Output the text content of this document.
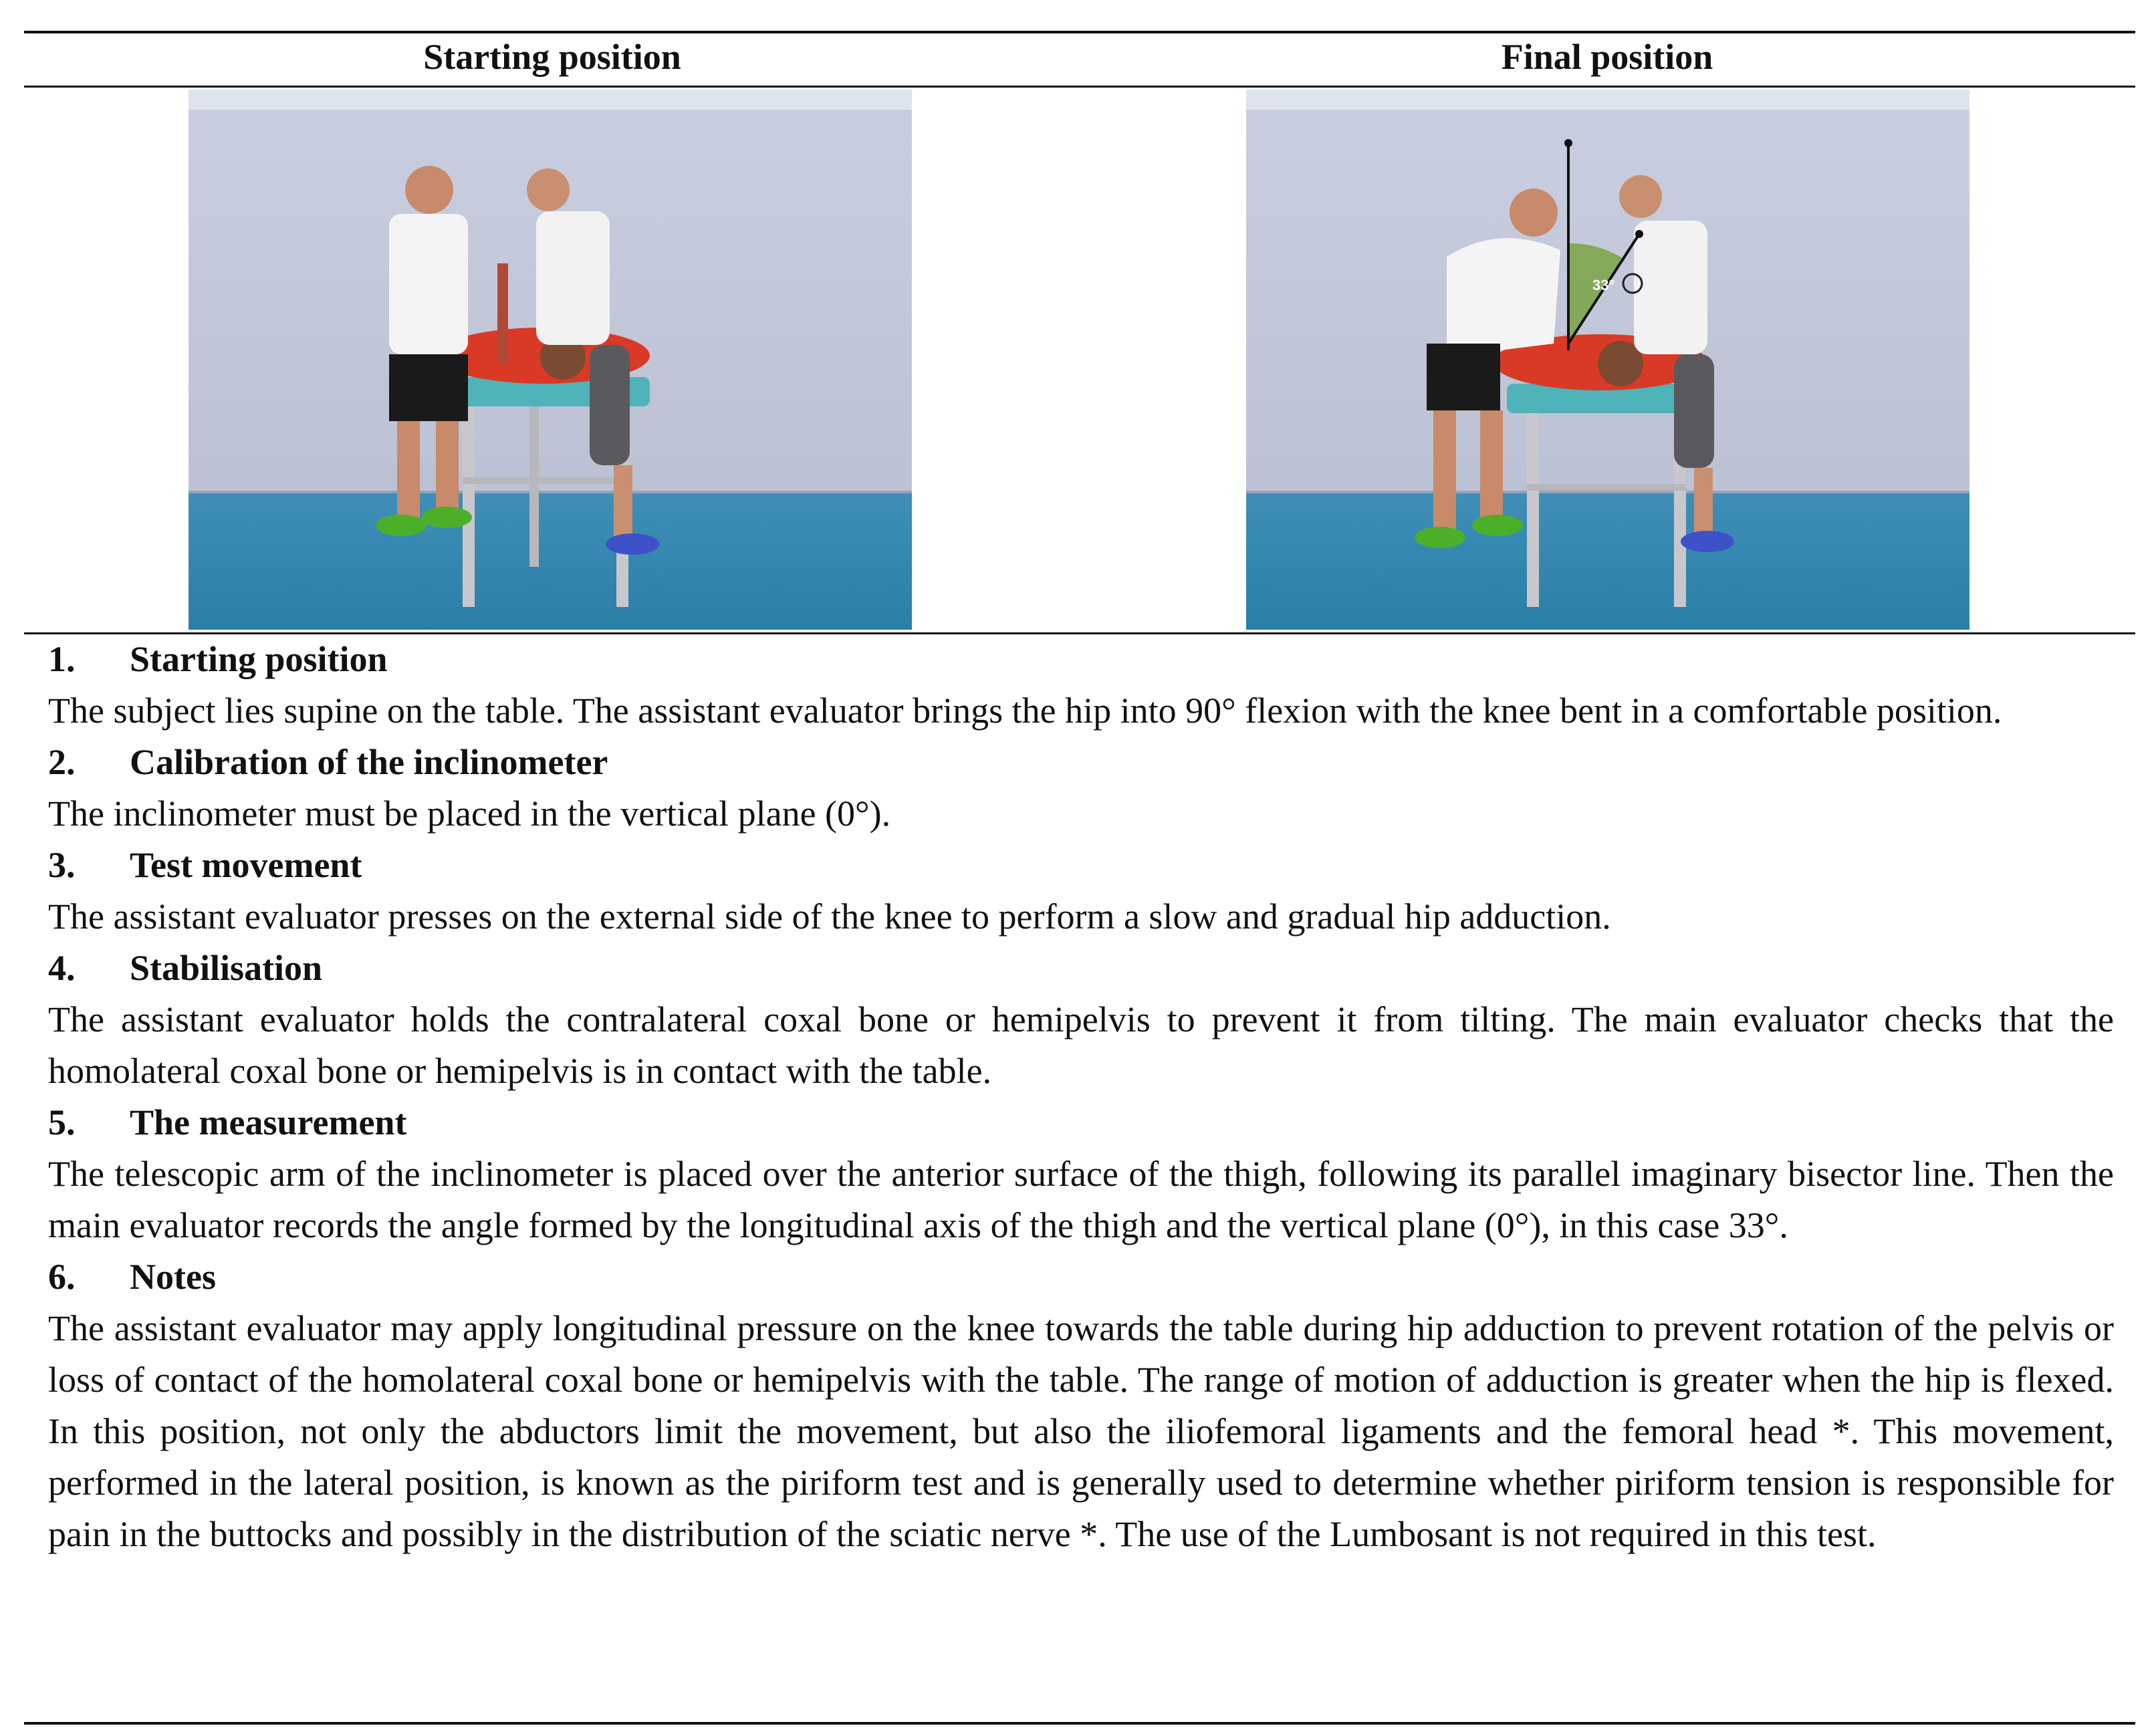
Starting position	Final position
33°
1. Starting position

The subject lies supine on the table. The assistant evaluator brings the hip into 90° flexion with the knee bent in a comfortable position.

2. Calibration of the inclinometer

The inclinometer must be placed in the vertical plane (0°).

3. Test movement

The assistant evaluator presses on the external side of the knee to perform a slow and gradual hip adduction.

4. Stabilisation

The assistant evaluator holds the contralateral coxal bone or hemipelvis to prevent it from tilting. The main evaluator checks that the homolateral coxal bone or hemipelvis is in contact with the table.

5. The measurement

The telescopic arm of the inclinometer is placed over the anterior surface of the thigh, following its parallel imaginary bisector line. Then the main evaluator records the angle formed by the longitudinal axis of the thigh and the vertical plane (0°), in this case 33°.

6. Notes

The assistant evaluator may apply longitudinal pressure on the knee towards the table during hip adduction to prevent rotation of the pelvis or loss of contact of the homolateral coxal bone or hemipelvis with the table. The range of motion of adduction is greater when the hip is flexed. In this position, not only the abductors limit the movement, but also the iliofemoral ligaments and the femoral head *. This movement, performed in the lateral position, is known as the piriform test and is generally used to determine whether piriform tension is responsible for pain in the buttocks and possibly in the distribution of the sciatic nerve *. The use of the Lumbosant is not required in this test.
